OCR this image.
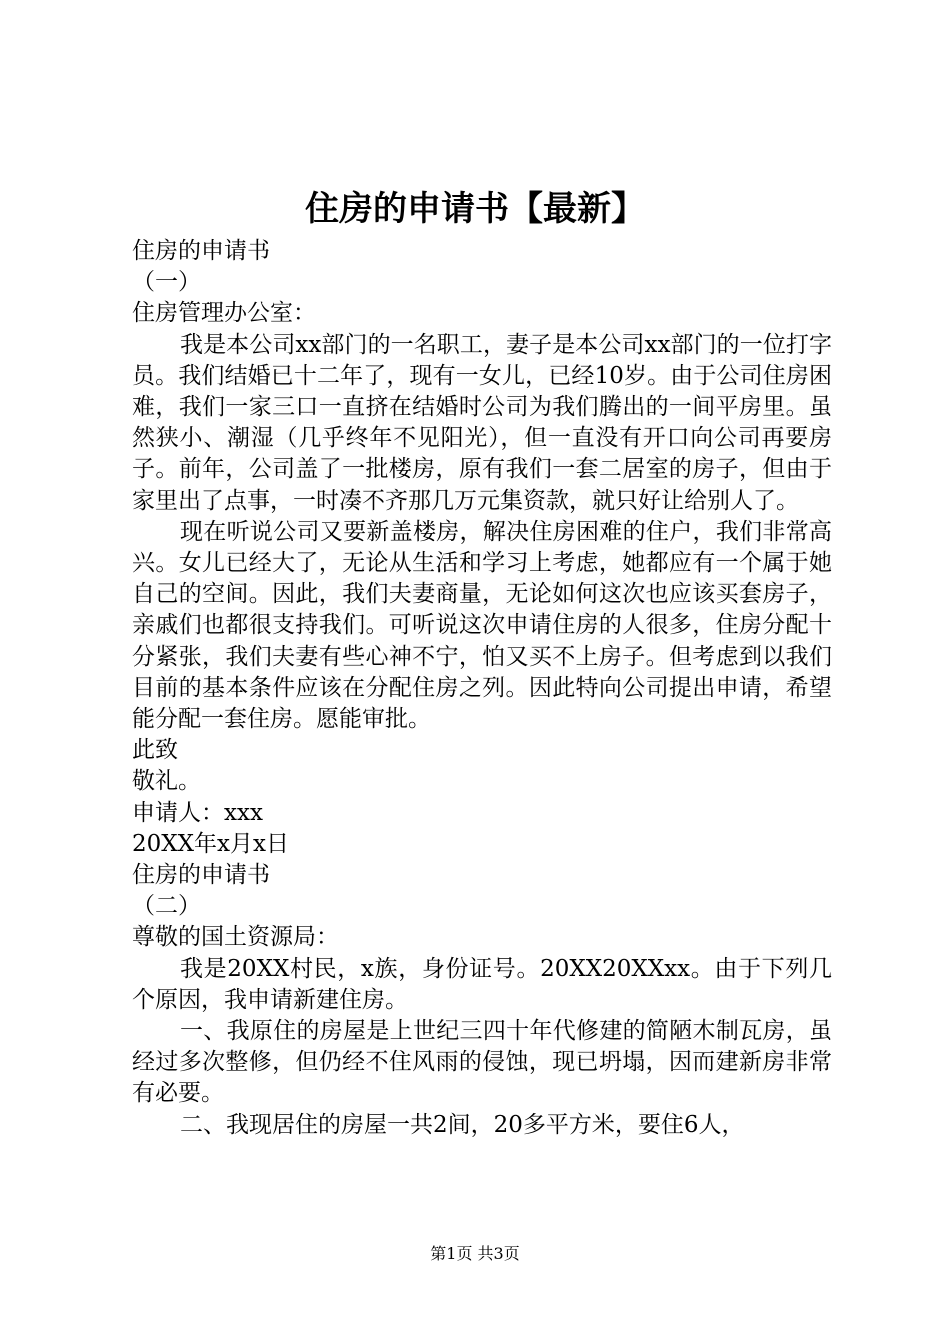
住房的申请书【最新】

住房的申请书

（一）

住房管理办公室：

我是本公司xx部门的一名职工，妻子是本公司xx部门的一位打字员。我们结婚已十二年了，现有一女儿，已经10岁。由于公司住房困难，我们一家三口一直挤在结婚时公司为我们腾出的一间平房里。虽然狭小、潮湿（几乎终年不见阳光），但一直没有开口向公司再要房子。前年，公司盖了一批楼房，原有我们一套二居室的房子，但由于家里出了点事，一时凑不齐那几万元集资款，就只好让给别人了。

现在听说公司又要新盖楼房，解决住房困难的住户，我们非常高兴。女儿已经大了，无论从生活和学习上考虑，她都应有一个属于她自己的空间。因此，我们夫妻商量，无论如何这次也应该买套房子，亲戚们也都很支持我们。可听说这次申请住房的人很多，住房分配十分紧张，我们夫妻有些心神不宁，怕又买不上房子。但考虑到以我们目前的基本条件应该在分配住房之列。因此特向公司提出申请，希望能分配一套住房。愿能审批。

此致

敬礼。

申请人：xxx

20XX年x月x日

住房的申请书

（二）

尊敬的国土资源局：

我是20XX村民，x族，身份证号。20XX20XXxx。由于下列几个原因，我申请新建住房。

一、我原住的房屋是上世纪三四十年代修建的简陋木制瓦房，虽经过多次整修，但仍经不住风雨的侵蚀，现已坍塌，因而建新房非常有必要。

二、我现居住的房屋一共2间，20多平方米，要住6人，

第1页 共3页
